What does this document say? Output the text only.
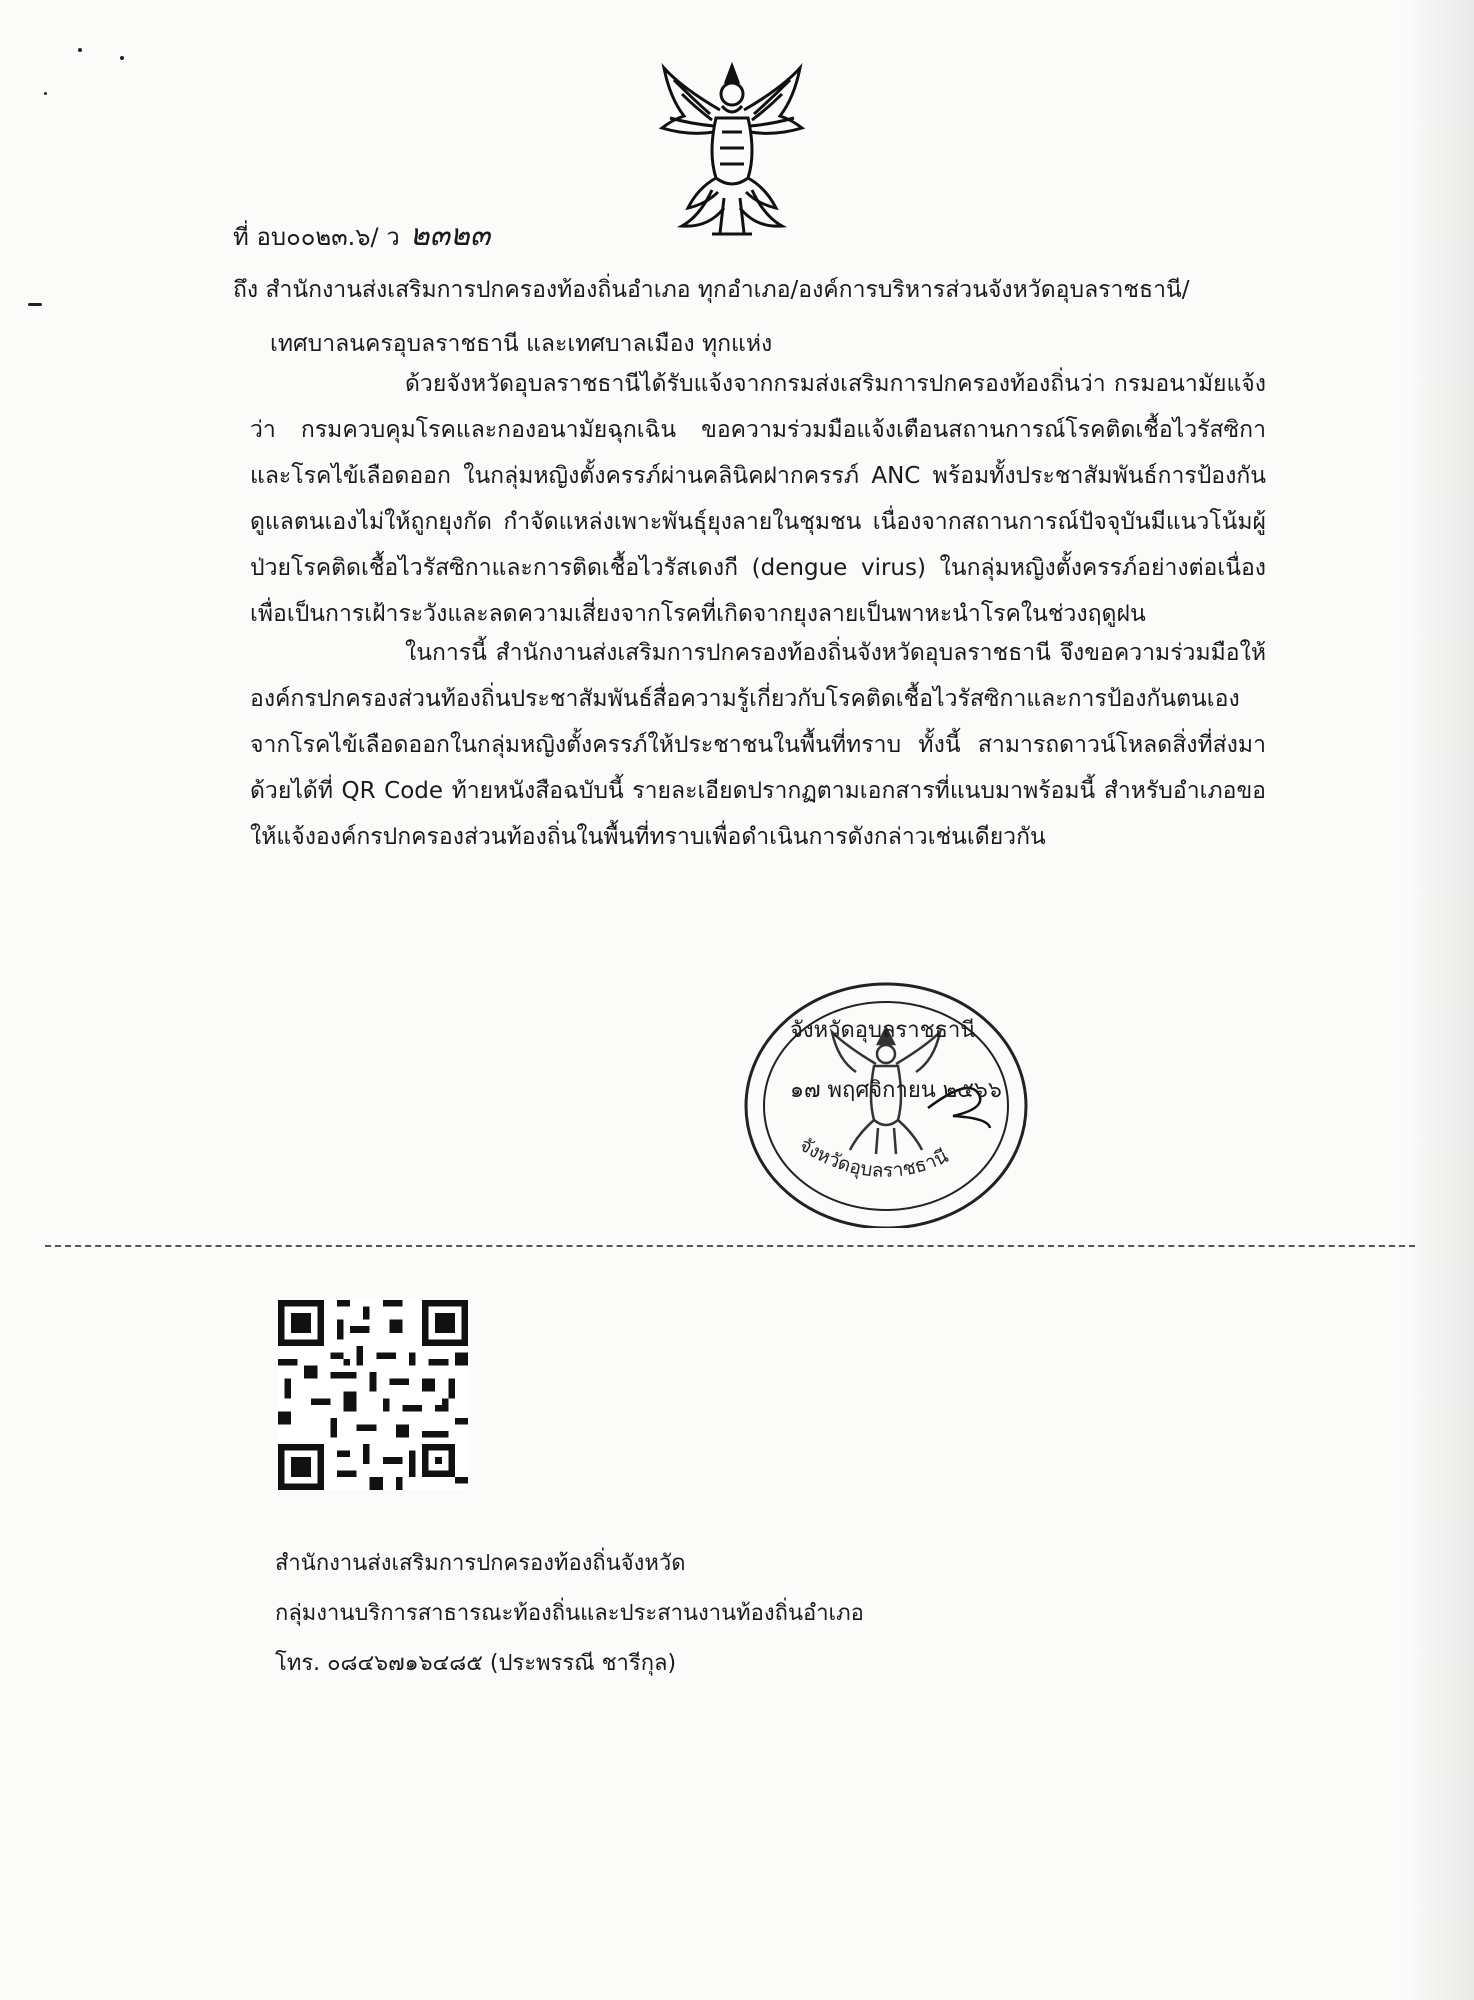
ที่ อบ๐๐๒๓.๖/ ว ๒๓๒๓
ถึง สำนักงานส่งเสริมการปกครองท้องถิ่นอำเภอ ทุกอำเภอ/องค์การบริหารส่วนจังหวัดอุบลราชธานี/
เทศบาลนครอุบลราชธานี และเทศบาลเมือง ทุกแห่ง
ด้วยจังหวัดอุบลราชธานีได้รับแจ้งจากกรมส่งเสริมการปกครองท้องถิ่นว่า กรมอนามัยแจ้งว่า กรมควบคุมโรคและกองอนามัยฉุกเฉิน ขอความร่วมมือแจ้งเตือนสถานการณ์โรคติดเชื้อไวรัสซิกาและโรคไข้เลือดออก ในกลุ่มหญิงตั้งครรภ์ผ่านคลินิคฝากครรภ์ ANC พร้อมทั้งประชาสัมพันธ์การป้องกันดูแลตนเองไม่ให้ถูกยุงกัด กำจัดแหล่งเพาะพันธุ์ยุงลายในชุมชน เนื่องจากสถานการณ์ปัจจุบันมีแนวโน้มผู้ป่วยโรคติดเชื้อไวรัสซิกาและการติดเชื้อไวรัสเดงกี (dengue virus) ในกลุ่มหญิงตั้งครรภ์อย่างต่อเนื่อง เพื่อเป็นการเฝ้าระวังและลดความเสี่ยงจากโรคที่เกิดจากยุงลายเป็นพาหะนำโรคในช่วงฤดูฝน
ในการนี้ สำนักงานส่งเสริมการปกครองท้องถิ่นจังหวัดอุบลราชธานี จึงขอความร่วมมือให้องค์กรปกครองส่วนท้องถิ่นประชาสัมพันธ์สื่อความรู้เกี่ยวกับโรคติดเชื้อไวรัสซิกาและการป้องกันตนเองจากโรคไข้เลือดออกในกลุ่มหญิงตั้งครรภ์ให้ประชาชนในพื้นที่ทราบ ทั้งนี้ สามารถดาวน์โหลดสิ่งที่ส่งมาด้วยได้ที่ QR Code ท้ายหนังสือฉบับนี้ รายละเอียดปรากฏตามเอกสารที่แนบมาพร้อมนี้ สำหรับอำเภอขอให้แจ้งองค์กรปกครองส่วนท้องถิ่นในพื้นที่ทราบเพื่อดำเนินการดังกล่าวเช่นเดียวกัน
จังหวัดอุบลราชธานี
จังหวัดอุบลราชธานี
๑๗ พฤศจิกายน ๒๕๖๖
สำนักงานส่งเสริมการปกครองท้องถิ่นจังหวัด
กลุ่มงานบริการสาธารณะท้องถิ่นและประสานงานท้องถิ่นอำเภอ
โทร. ๐๘๔๖๗๑๖๔๘๕ (ประพรรณี ชารีกุล)
